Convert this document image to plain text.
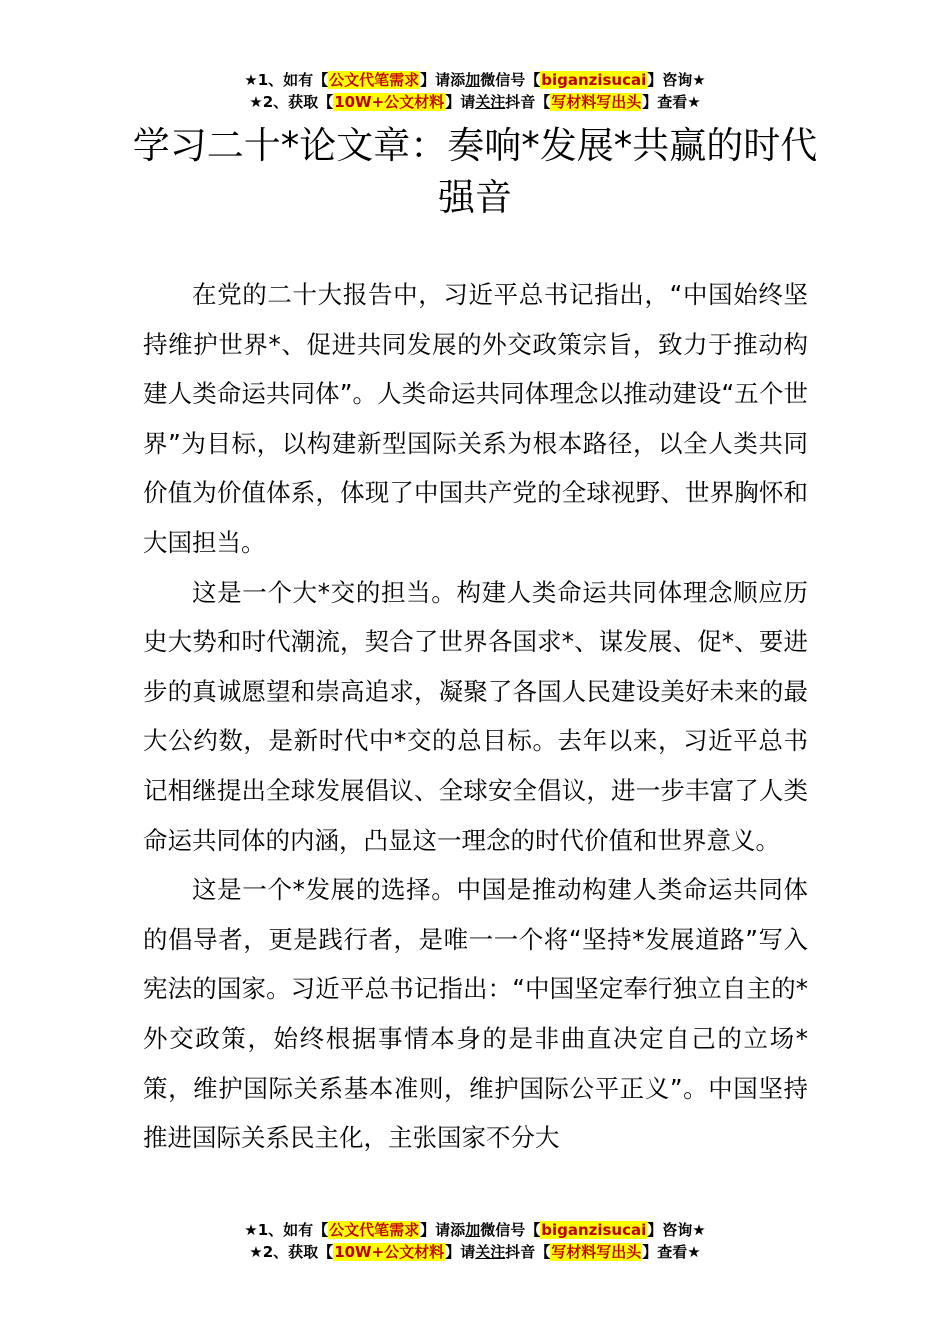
★1、如有【公文代笔需求】请添加微信号【biganzisucai】咨询★
★2、获取【10W+公文材料】请关注抖音【写材料写出头】查看★
学习二十*论文章：奏响*发展*共赢的时代
强音

在党的二十大报告中，习近平总书记指出，“中国始终坚持维护世界*、促进共同发展的外交政策宗旨，致力于推动构建人类命运共同体”。人类命运共同体理念以推动建设“五个世界”为目标，以构建新型国际关系为根本路径，以全人类共同价值为价值体系，体现了中国共产党的全球视野、世界胸怀和大国担当。

这是一个大*交的担当。构建人类命运共同体理念顺应历史大势和时代潮流，契合了世界各国求*、谋发展、促*、要进步的真诚愿望和崇高追求，凝聚了各国人民建设美好未来的最大公约数，是新时代中*交的总目标。去年以来，习近平总书记相继提出全球发展倡议、全球安全倡议，进一步丰富了人类命运共同体的内涵，凸显这一理念的时代价值和世界意义。

这是一个*发展的选择。中国是推动构建人类命运共同体的倡导者，更是践行者，是唯一一个将“坚持*发展道路”写入宪法的国家。习近平总书记指出：“中国坚定奉行独立自主的*外交政策，始终根据事情本身的是非曲直决定自己的立场*策，维护国际关系基本准则，维护国际公平正义”。中国坚持推进国际关系民主化，主张国家不分大

★1、如有【公文代笔需求】请添加微信号【biganzisucai】咨询★
★2、获取【10W+公文材料】请关注抖音【写材料写出头】查看★
